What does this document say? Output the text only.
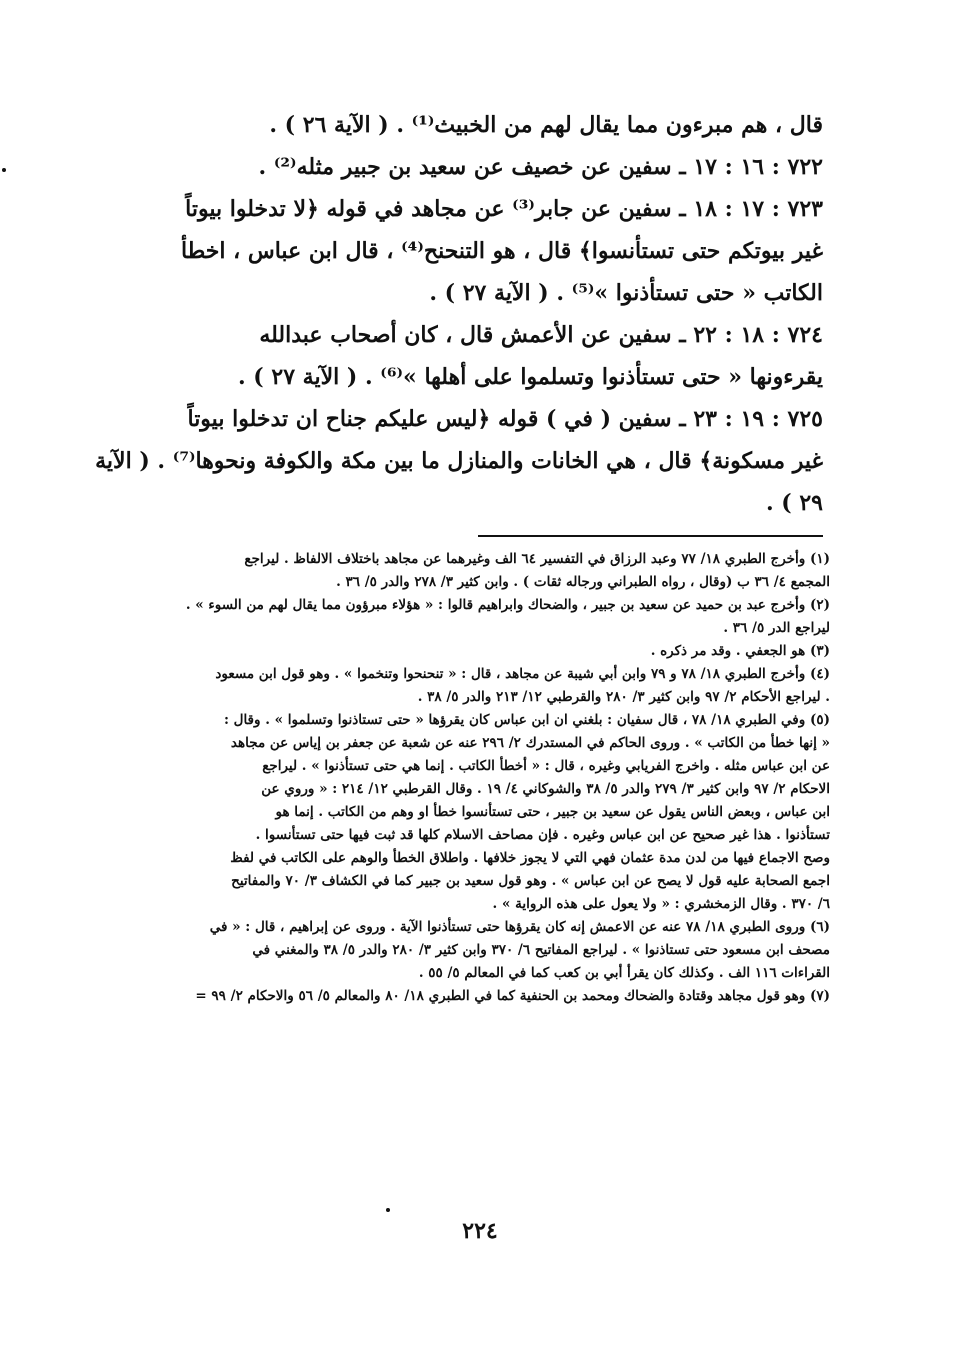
قال ، هم مبرءون مما يقال لهم من الخبيث⁽¹⁾ . ( الآية ٢٦ ) .
٧٢٢ : ١٦ : ١٧ ـ سفين عن خصيف عن سعيد بن جبير مثله⁽²⁾ .
٧٢٣ : ١٧ : ١٨ ـ سفين عن جابر⁽³⁾ عن مجاهد في قوله ﴿لا تدخلوا بيوتاً
غير بيوتكم حتى تستأنسوا﴾ قال ، هو التنحنح⁽⁴⁾ ، قال ابن عباس ، اخطأ
الكاتب « حتى تستأذنوا »⁽⁵⁾ . ( الآية ٢٧ ) .
٧٢٤ : ١٨ : ٢٢ ـ سفين عن الأعمش قال ، كان أصحاب عبدالله
يقرءونها « حتى تستأذنوا وتسلموا على أهلها »⁽⁶⁾ . ( الآية ٢٧ ) .
٧٢٥ : ١٩ : ٢٣ ـ سفين ( في ) قوله ﴿ليس عليكم جناح ان تدخلوا بيوتاً
غير مسكونة﴾ قال ، هي الخانات والمنازل ما بين مكة والكوفة ونحوها⁽⁷⁾ . ( الآية
٢٩ ) .
(١) وأخرج الطبري ١٨/ ٧٧ وعبد الرزاق في التفسير ٦٤ الف وغيرهما عن مجاهد باختلاف الالفاظ . ليراجع
المجمع ٤/ ٣٦ ب (وقال ، رواه الطبراني ورجاله ثقات ) . وابن كثير ٣/ ٢٧٨ والدر ٥/ ٣٦ .
(٢) وأخرج عبد بن حميد عن سعيد بن جبير ، والضحاك وابراهيم قالوا : « هؤلاء مبرؤون مما يقال لهم من السوء » .
ليراجع الدر ٥/ ٣٦ .
(٣) هو الجعفي . وقد مر ذكره .
(٤) وأخرج الطبري ١٨/ ٧٨ و ٧٩ وابن أبي شيبة عن مجاهد ، قال : « تنحنحوا وتنخموا » . وهو قول ابن مسعود
. ليراجع الأحكام ٢/ ٩٧ وابن كثير ٣/ ٢٨٠ والقرطبي ١٢/ ٢١٣ والدر ٥/ ٣٨ .
(٥) وفي الطبري ١٨/ ٧٨ ، قال سفيان : بلغني ان ابن عباس كان يقرؤها « حتى تستاذنوا وتسلموا » . وقال :
« إنها خطأ من الكاتب » . وروى الحاكم في المستدرك ٢/ ٢٩٦ عنه عن شعبة عن جعفر بن إياس عن مجاهد
عن ابن عباس مثله . واخرج الفريابي وغيره ، قال : « أخطأ الكاتب . إنما هي حتى تستأذنوا » . ليراجع
الاحكام ٢/ ٩٧ وابن كثير ٣/ ٢٧٩ والدر ٥/ ٣٨ والشوكاني ٤/ ١٩ . وقال القرطبي ١٢/ ٢١٤ : « وروي عن
ابن عباس ، وبعض الناس يقول عن سعيد بن جبير ، حتى تستأنسوا خطأ او وهم من الكاتب . إنما هو
تستأذنوا . هذا غير صحيح عن ابن عباس وغيره . فإن مصاحف الاسلام كلها قد ثبت فيها حتى تستأنسوا .
وصح الاجماع فيها من لدن مدة عثمان فهي التي لا يجوز خلافها . واطلاق الخطأ والوهم على الكاتب في لفظ
اجمع الصحابة عليه قول لا يصح عن ابن عباس » . وهو قول سعيد بن جبير كما في الكشاف ٣/ ٧٠ والمفاتيح
٦/ ٣٧٠ . وقال الزمخشري : « ولا يعول على هذه الرواية » .
(٦) وروى الطبري ١٨/ ٧٨ عنه عن الاعمش إنه كان يقرؤها حتى تستأذنوا الآية . وروى عن إبراهيم ، قال : « في
مصحف ابن مسعود حتى تستاذنوا » . ليراجع المفاتيح ٦/ ٣٧٠ وابن كثير ٣/ ٢٨٠ والدر ٥/ ٣٨ والمغني في
القراءات ١١٦ الف . وكذلك كان يقرأ أبي بن كعب كما في المعالم ٥/ ٥٥ .
(٧) وهو قول مجاهد وقتادة والضحاك ومحمد بن الحنفية كما في الطبري ١٨/ ٨٠ والمعالم ٥/ ٥٦ والاحكام ٢/ ٩٩ =
٢٢٤
